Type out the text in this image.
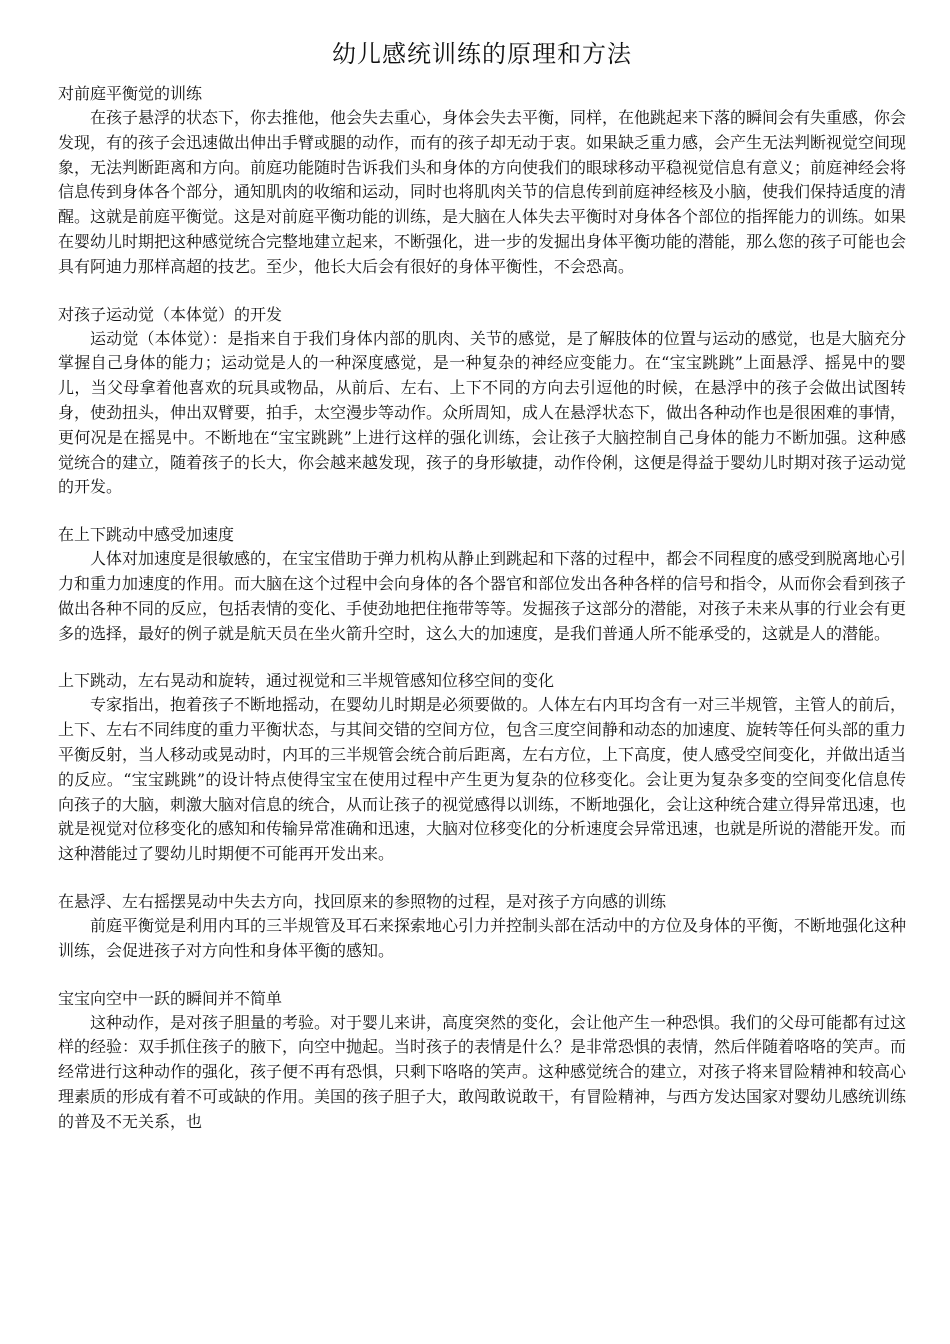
幼儿感统训练的原理和方法

对前庭平衡觉的训练

在孩子悬浮的状态下，你去推他，他会失去重心，身体会失去平衡，同样，在他跳起来下落的瞬间会有失重感，你会发现，有的孩子会迅速做出伸出手臂或腿的动作，而有的孩子却无动于衷。如果缺乏重力感，会产生无法判断视觉空间现象，无法判断距离和方向。前庭功能随时告诉我们头和身体的方向使我们的眼球移动平稳视觉信息有意义；前庭神经会将信息传到身体各个部分，通知肌肉的收缩和运动，同时也将肌肉关节的信息传到前庭神经核及小脑，使我们保持适度的清醒。这就是前庭平衡觉。这是对前庭平衡功能的训练，是大脑在人体失去平衡时对身体各个部位的指挥能力的训练。如果在婴幼儿时期把这种感觉统合完整地建立起来，不断强化，进一步的发掘出身体平衡功能的潜能，那么您的孩子可能也会具有阿迪力那样高超的技艺。至少，他长大后会有很好的身体平衡性，不会恐高。

对孩子运动觉（本体觉）的开发

运动觉（本体觉）：是指来自于我们身体内部的肌肉、关节的感觉，是了解肢体的位置与运动的感觉，也是大脑充分掌握自己身体的能力；运动觉是人的一种深度感觉，是一种复杂的神经应变能力。在“宝宝跳跳”上面悬浮、摇晃中的婴儿，当父母拿着他喜欢的玩具或物品，从前后、左右、上下不同的方向去引逗他的时候，在悬浮中的孩子会做出试图转身，使劲扭头，伸出双臂要，拍手，太空漫步等动作。众所周知，成人在悬浮状态下，做出各种动作也是很困难的事情，更何况是在摇晃中。不断地在“宝宝跳跳”上进行这样的强化训练，会让孩子大脑控制自己身体的能力不断加强。这种感觉统合的建立，随着孩子的长大，你会越来越发现，孩子的身形敏捷，动作伶俐，这便是得益于婴幼儿时期对孩子运动觉的开发。

在上下跳动中感受加速度

人体对加速度是很敏感的，在宝宝借助于弹力机构从静止到跳起和下落的过程中，都会不同程度的感受到脱离地心引力和重力加速度的作用。而大脑在这个过程中会向身体的各个器官和部位发出各种各样的信号和指令，从而你会看到孩子做出各种不同的反应，包括表情的变化、手使劲地把住拖带等等。发掘孩子这部分的潜能，对孩子未来从事的行业会有更多的选择，最好的例子就是航天员在坐火箭升空时，这么大的加速度，是我们普通人所不能承受的，这就是人的潜能。

上下跳动，左右晃动和旋转，通过视觉和三半规管感知位移空间的变化

专家指出，抱着孩子不断地摇动，在婴幼儿时期是必须要做的。人体左右内耳均含有一对三半规管，主管人的前后，上下、左右不同纬度的重力平衡状态，与其间交错的空间方位，包含三度空间静和动态的加速度、旋转等任何头部的重力平衡反射，当人移动或晃动时，内耳的三半规管会统合前后距离，左右方位，上下高度，使人感受空间变化，并做出适当的反应。“宝宝跳跳”的设计特点使得宝宝在使用过程中产生更为复杂的位移变化。会让更为复杂多变的空间变化信息传向孩子的大脑，刺激大脑对信息的统合，从而让孩子的视觉感得以训练，不断地强化，会让这种统合建立得异常迅速，也就是视觉对位移变化的感知和传输异常准确和迅速，大脑对位移变化的分析速度会异常迅速，也就是所说的潜能开发。而这种潜能过了婴幼儿时期便不可能再开发出来。

在悬浮、左右摇摆晃动中失去方向，找回原来的参照物的过程，是对孩子方向感的训练

前庭平衡觉是利用内耳的三半规管及耳石来探索地心引力并控制头部在活动中的方位及身体的平衡，不断地强化这种训练，会促进孩子对方向性和身体平衡的感知。

宝宝向空中一跃的瞬间并不简单

这种动作，是对孩子胆量的考验。对于婴儿来讲，高度突然的变化，会让他产生一种恐惧。我们的父母可能都有过这样的经验：双手抓住孩子的腋下，向空中抛起。当时孩子的表情是什么？是非常恐惧的表情，然后伴随着咯咯的笑声。而经常进行这种动作的强化，孩子便不再有恐惧，只剩下咯咯的笑声。这种感觉统合的建立，对孩子将来冒险精神和较高心理素质的形成有着不可或缺的作用。美国的孩子胆子大，敢闯敢说敢干，有冒险精神，与西方发达国家对婴幼儿感统训练的普及不无关系，也
